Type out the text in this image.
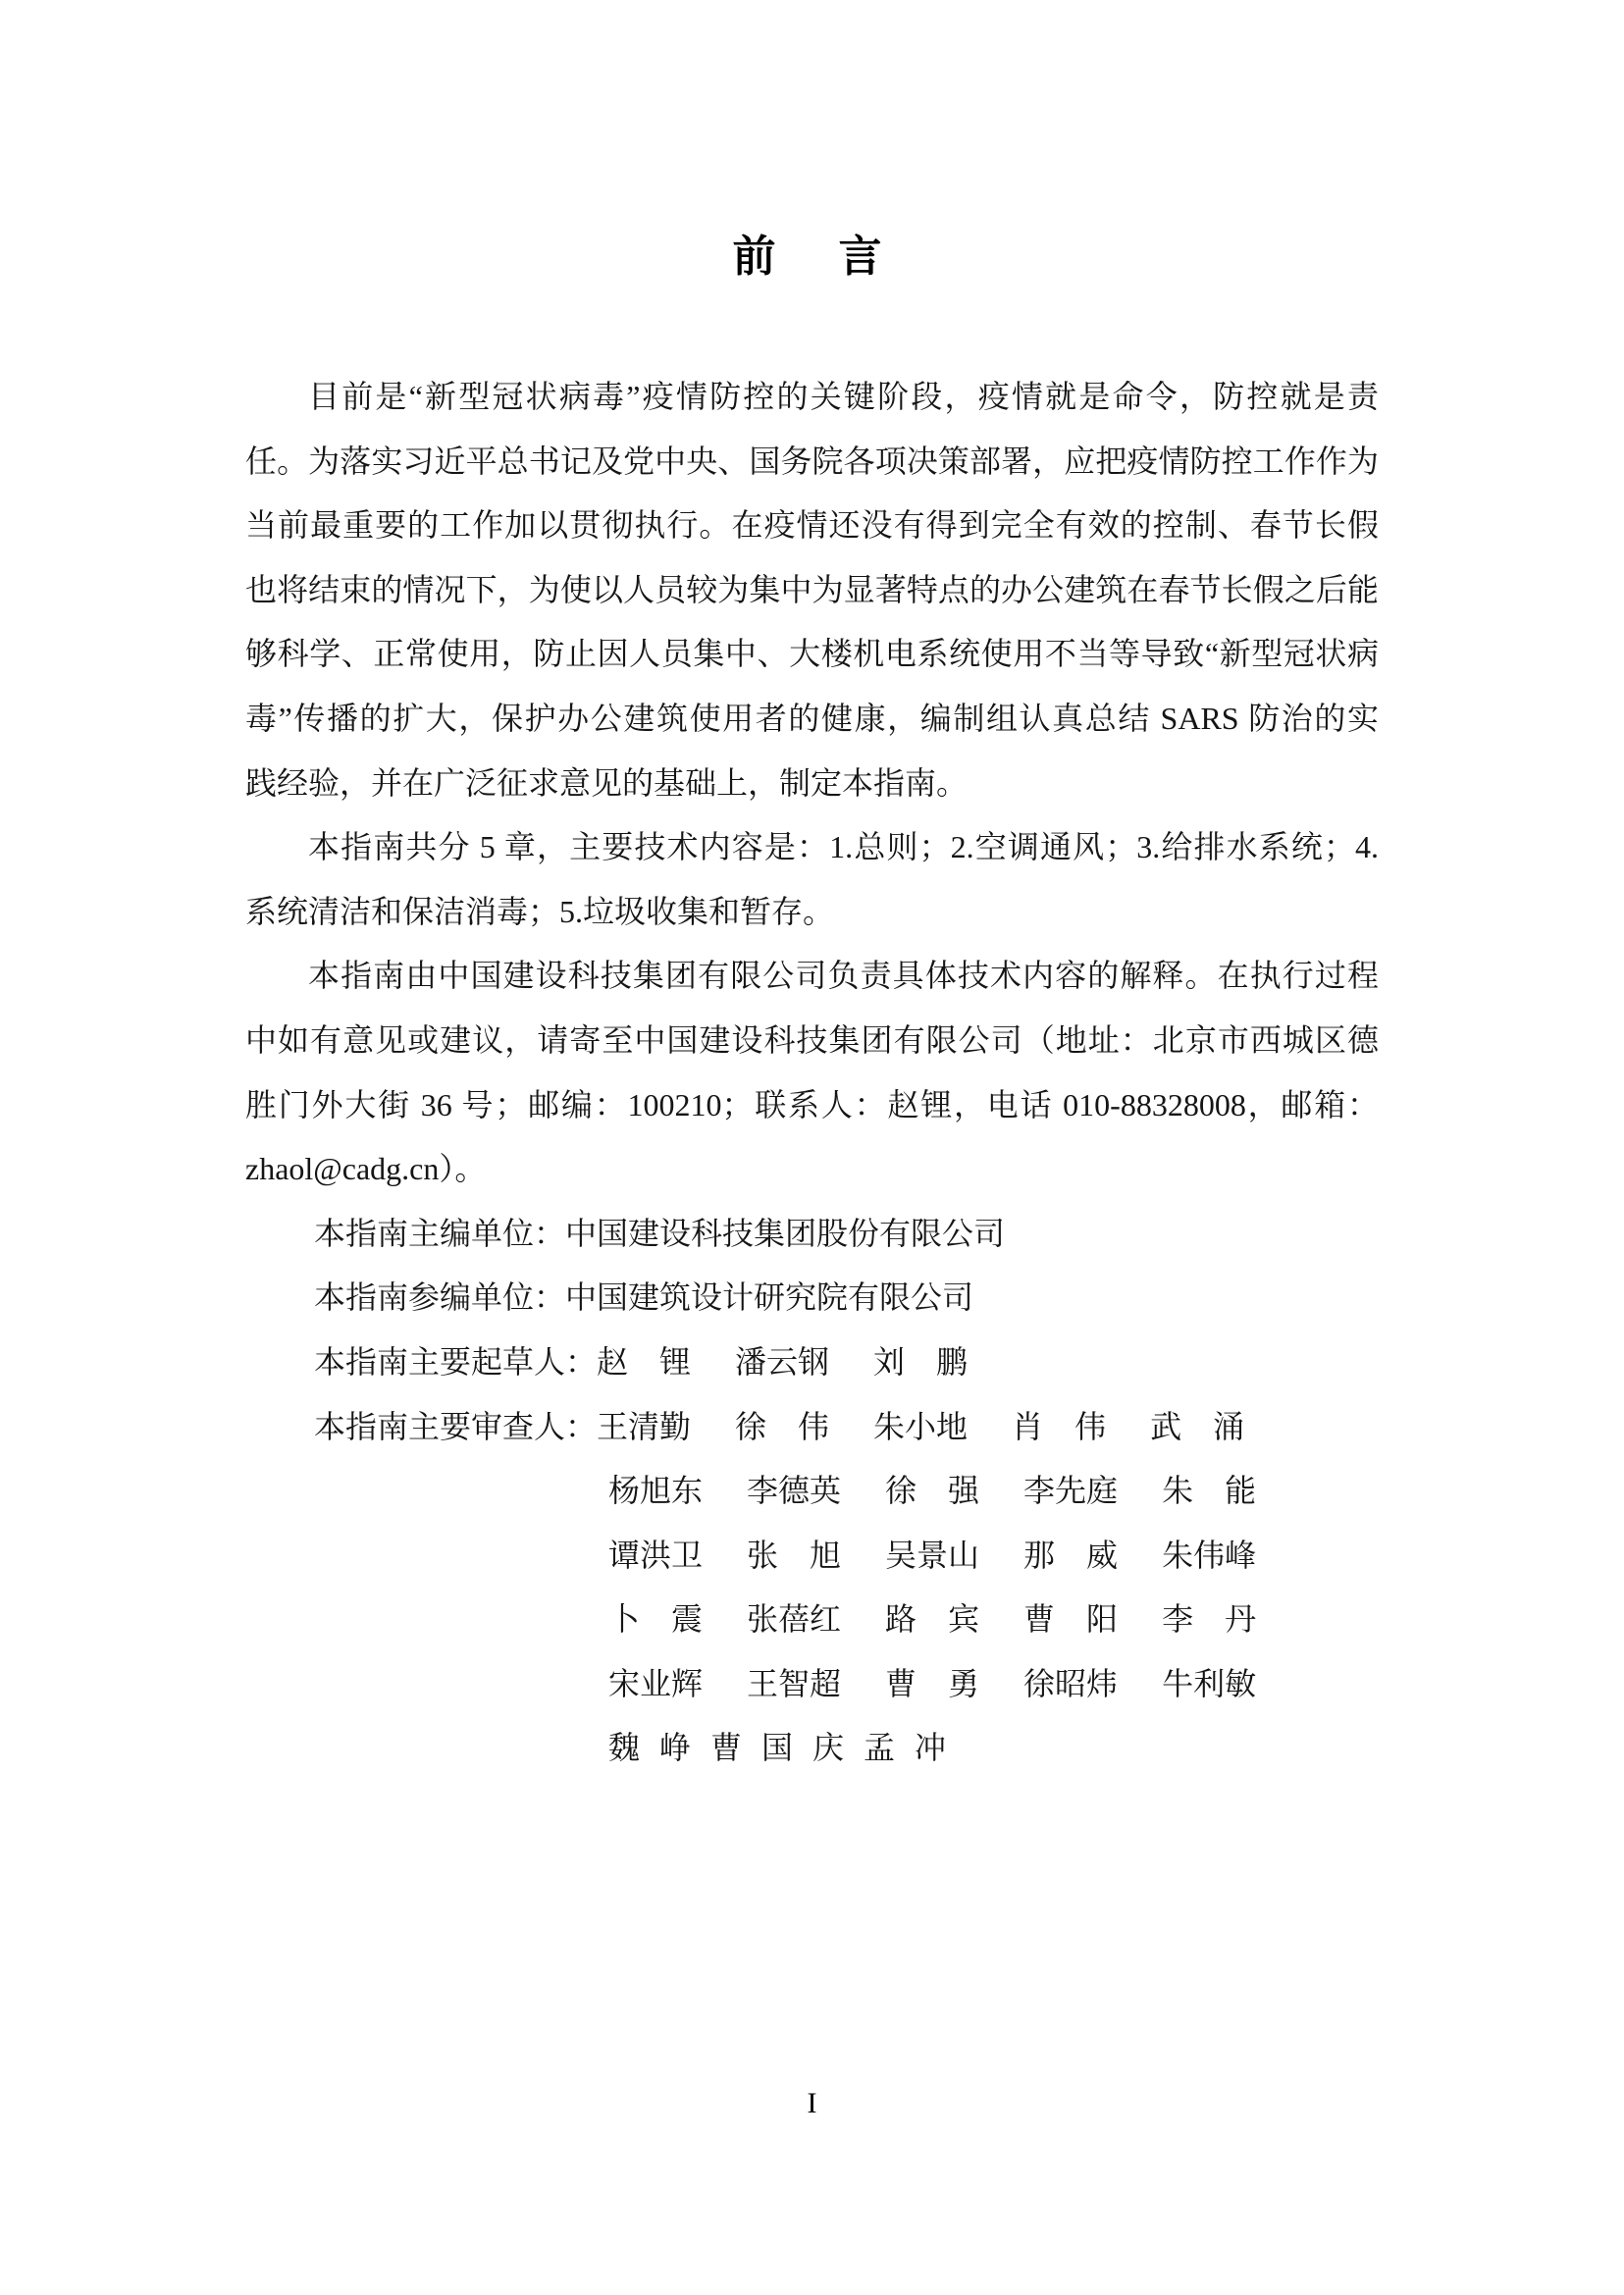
前　言
目前是“新型冠状病毒”疫情防控的关键阶段，疫情就是命令，防控就是责
任。为落实习近平总书记及党中央、国务院各项决策部署，应把疫情防控工作作为
当前最重要的工作加以贯彻执行。在疫情还没有得到完全有效的控制、春节长假
也将结束的情况下，为使以人员较为集中为显著特点的办公建筑在春节长假之后能
够科学、正常使用，防止因人员集中、大楼机电系统使用不当等导致“新型冠状病
毒”传播的扩大，保护办公建筑使用者的健康，编制组认真总结 SARS 防治的实
践经验，并在广泛征求意见的基础上，制定本指南。
本指南共分 5 章，主要技术内容是：1.总则；2.空调通风；3.给排水系统；4.
系统清洁和保洁消毒；5.垃圾收集和暂存。
本指南由中国建设科技集团有限公司负责具体技术内容的解释。在执行过程
中如有意见或建议，请寄至中国建设科技集团有限公司（地址：北京市西城区德
胜门外大街 36 号；邮编：100210；联系人：赵锂，电话 010-88328008，邮箱：
zhaol@cadg.cn）。
本指南主编单位：中国建设科技集团股份有限公司
本指南参编单位：中国建筑设计研究院有限公司
本指南主要起草人：赵　锂 潘云钢 刘　鹏
本指南主要审查人：王清勤 徐　伟 朱小地 肖　伟 武　涌
杨旭东 李德英 徐　强 李先庭 朱　能
谭洪卫 张　旭 吴景山 那　威 朱伟峰
卜　震 张蓓红 路　宾 曹　阳 李　丹
宋业辉 王智超 曹　勇 徐昭炜 牛利敏
魏 峥 曹 国 庆 孟 冲
I
